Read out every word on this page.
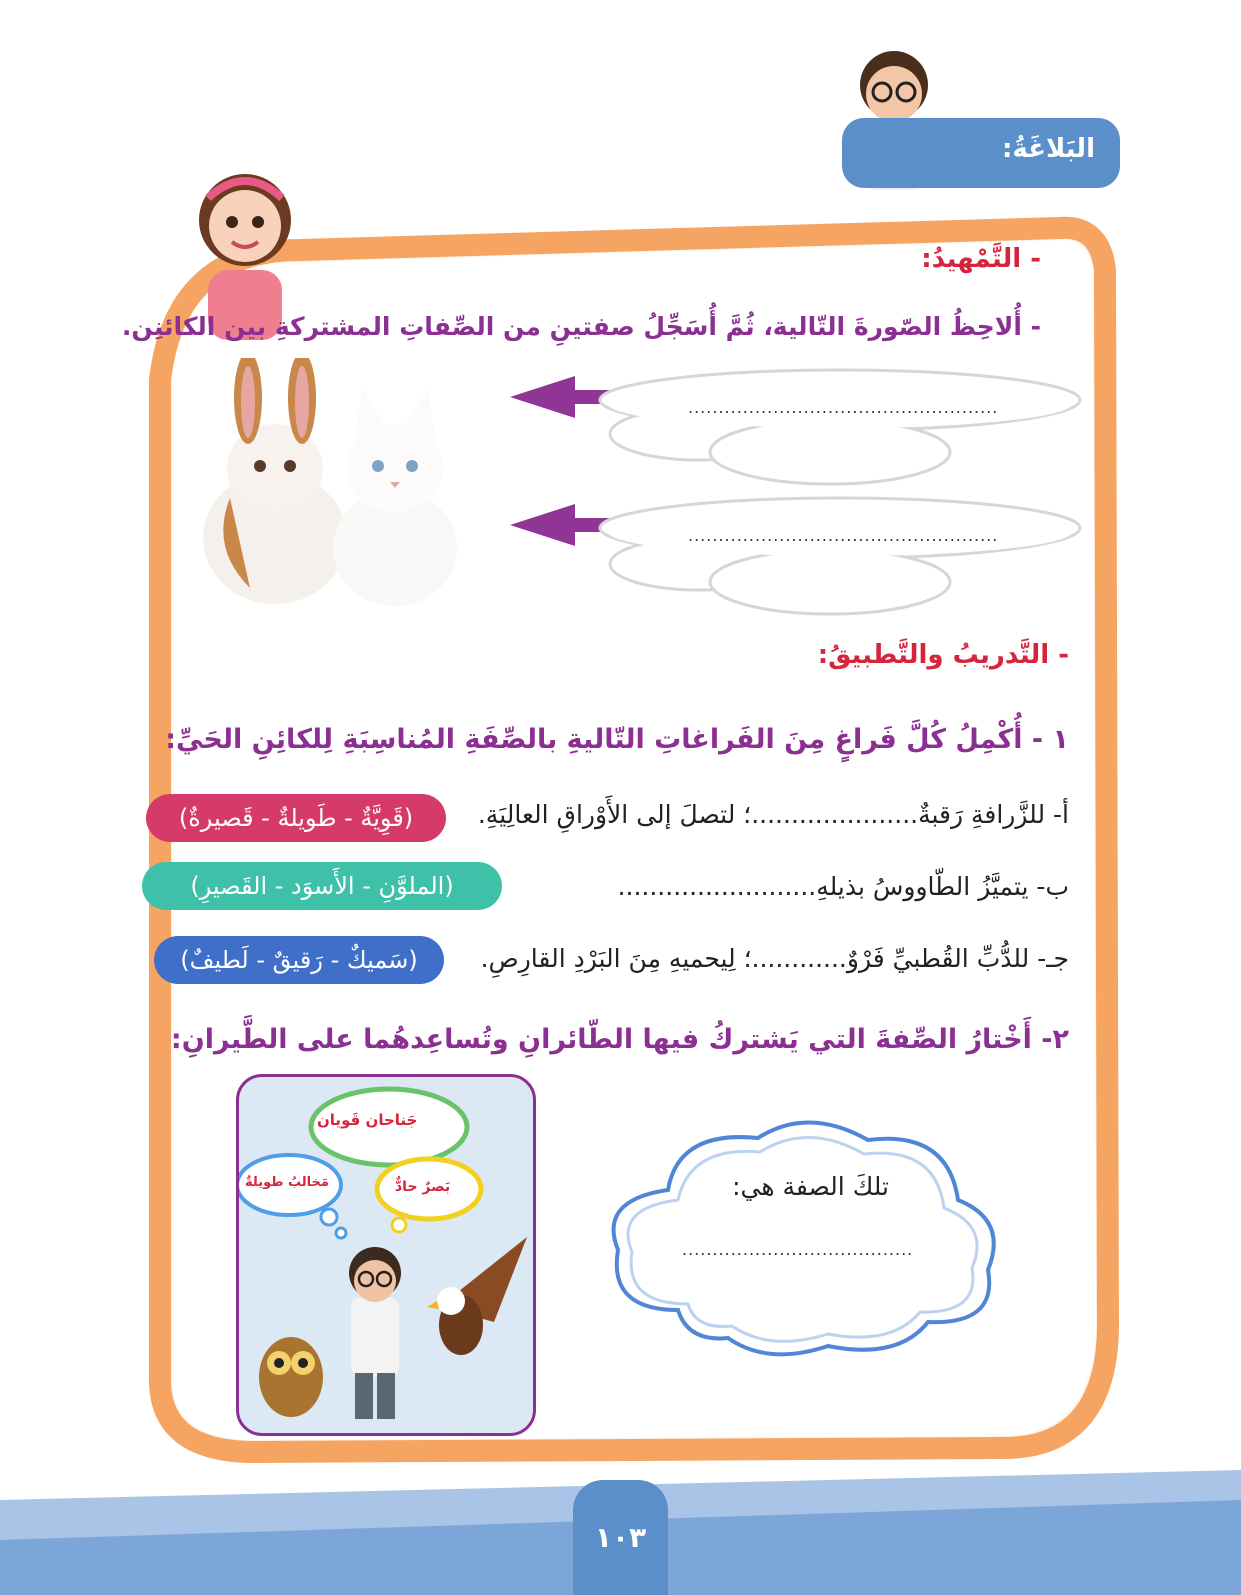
البَلاغَةُ:
- التَّمْهيدُ:
- أُلاحِظُ الصّورةَ التّالية، ثُمَّ أُسَجِّلُ صفتينِ من الصِّفاتِ المشتركةِ بين الكائنِن.
...................................................
...................................................
- التَّدريبُ والتَّطبيقُ:
١ - أُكْمِلُ كُلَّ فَراغٍ مِنَ الفَراغاتِ التّاليةِ بالصِّفَةِ المُناسِبَةِ لِلكائِنِ الحَيِّ:
أ- للزَّرافةِ رَقبةٌ.....................؛ لتصلَ إلى الأَوْراقِ العالِيَةِ.
(قَوِيَّةٌ - طَويلةٌ - قَصيرةٌ)
ب- يتميَّزُ الطّاووسُ بذيلهِ.........................
(الملوَّنِ - الأَسوَد - القَصيرِ)
جـ- للدُّبِّ القُطبيِّ فَرْوٌ............؛ لِيحميهِ مِنَ البَرْدِ القارِصِ.
(سَميكٌ - رَقيقٌ - لَطيفٌ)
٢- أَخْتارُ الصِّفةَ التي يَشتركُ فيها الطّائرانِ وتُساعِدهُما على الطَّيرانِ:
جَناحان قَويان
مَخالبُ طويلةٌ	بَصرٌ حادٌّ	تلكَ الصفة هي:
......................................
١٠٣
